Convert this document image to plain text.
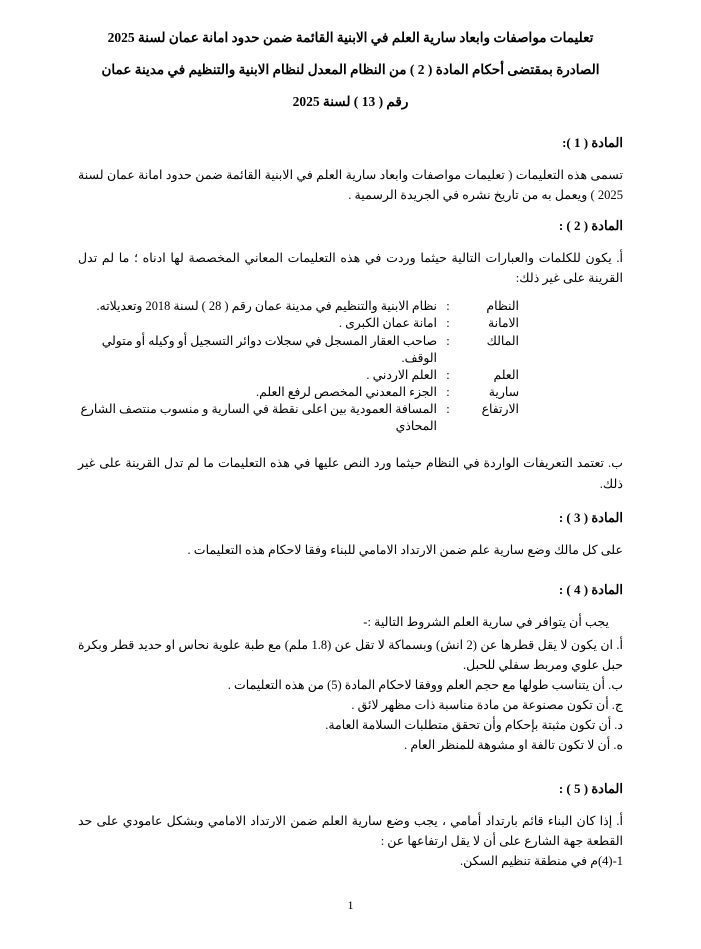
تعليمات مواصفات وابعاد سارية العلم في الابنية القائمة ضمن حدود امانة عمان لسنة 2025
الصادرة بمقتضى أحكام المادة ( 2 ) من النظام المعدل لنظام الابنية والتنظيم في مدينة عمان
رقم ( 13 ) لسنة 2025
المادة ( 1 ):

تسمى هذه التعليمات ( تعليمات مواصفات وابعاد سارية العلم في الابنية القائمة ضمن حدود امانة عمان لسنة 2025 ) ويعمل به من تاريخ نشره في الجريدة الرسمية .

المادة ( 2 ) :

أ. يكون للكلمات والعبارات التالية حيثما وردت في هذه التعليمات المعاني المخصصة لها ادناه ؛ ما لم تدل القرينة على غير ذلك:

النظام	:	نظام الابنية والتنظيم في مدينة عمان رقم ( 28 ) لسنة 2018 وتعديلاته.
الامانة	:	امانة عمان الكبرى .
المالك	:	صاحب العقار المسجل في سجلات دوائر التسجيل أو وكيله أو متولي الوقف.
العلم	:	العلم الاردني .
سارية	:	الجزء المعدني المخصص لرفع العلم.
الارتفاع	:	المسافة العمودية بين اعلى نقطة في السارية و منسوب منتصف الشارع المحاذي

ب. تعتمد التعريفات الواردة في النظام حيثما ورد النص عليها في هذه التعليمات ما لم تدل القرينة على غير ذلك.

المادة ( 3 ) :

على كل مالك وضع سارية علم ضمن الارتداد الامامي للبناء وفقا لاحكام هذه التعليمات .

المادة ( 4 ) :

يجب أن يتوافر في سارية العلم الشروط التالية :-

أ. ان يكون لا يقل قطرها عن (2 انش) وبسماكة لا تقل عن (1.8 ملم) مع طبة علوية نحاس او حديد قطر وبكرة حبل علوي ومربط سفلي للحبل.
ب. أن يتناسب طولها مع حجم العلم ووفقا لاحكام المادة (5) من هذه التعليمات .
ج. أن تكون مصنوعة من مادة مناسبة ذات مظهر لائق .
د. أن تكون مثبتة بإحكام وأن تحقق متطلبات السلامة العامة.
ه. أن لا تكون تالفة او مشوهة للمنظر العام .
المادة ( 5 ) :
أ. إذا كان البناء قائم بارتداد أمامي ، يجب وضع سارية العلم ضمن الارتداد الامامي وبشكل عامودي على حد القطعة جهة الشارع على أن لا يقل ارتفاعها عن :
1-(4)م في منطقة تنظيم السكن.
1
